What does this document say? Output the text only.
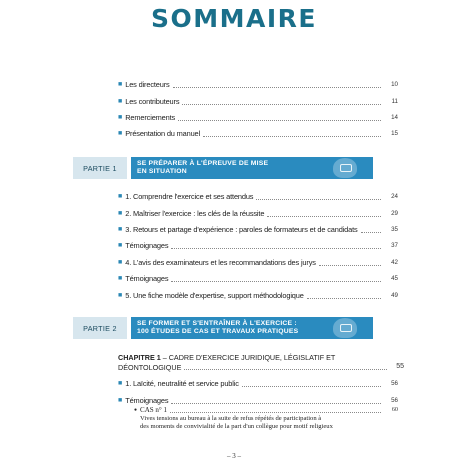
SOMMAIRE
■ Les directeurs	10
■ Les contributeurs	11
■ Remerciements	14
■ Présentation du manuel	15
PARTIE 1	SE PRÉPARER À L'ÉPREUVE DE MISE
EN SITUATION
■ 1. Comprendre l'exercice et ses attendus	24
■ 2. Maîtriser l'exercice : les clés de la réussite	29
■ 3. Retours et partage d'expérience : paroles de formateurs et de candidats	35
■ Témoignages	37
■ 4. L'avis des examinateurs et les recommandations des jurys	42
■ Témoignages	45
■ 5. Une fiche modèle d'expertise, support méthodologique	49
PARTIE 2	SE FORMER ET S'ENTRAÎNER À L'EXERCICE :
100 ÉTUDES DE CAS ET TRAVAUX PRATIQUES
CHAPITRE 1 – CADRE D'EXERCICE JURIDIQUE, LÉGISLATIF ET
DÉONTOLOGIQUE	55
■ 1. Laïcité, neutralité et service public	56
■ Témoignages	56
● CAS n° 1	60
Vives tensions au bureau à la suite de refus répétés de participation à
des moments de convivialité de la part d'un collègue pour motif religieux
– 3 –
